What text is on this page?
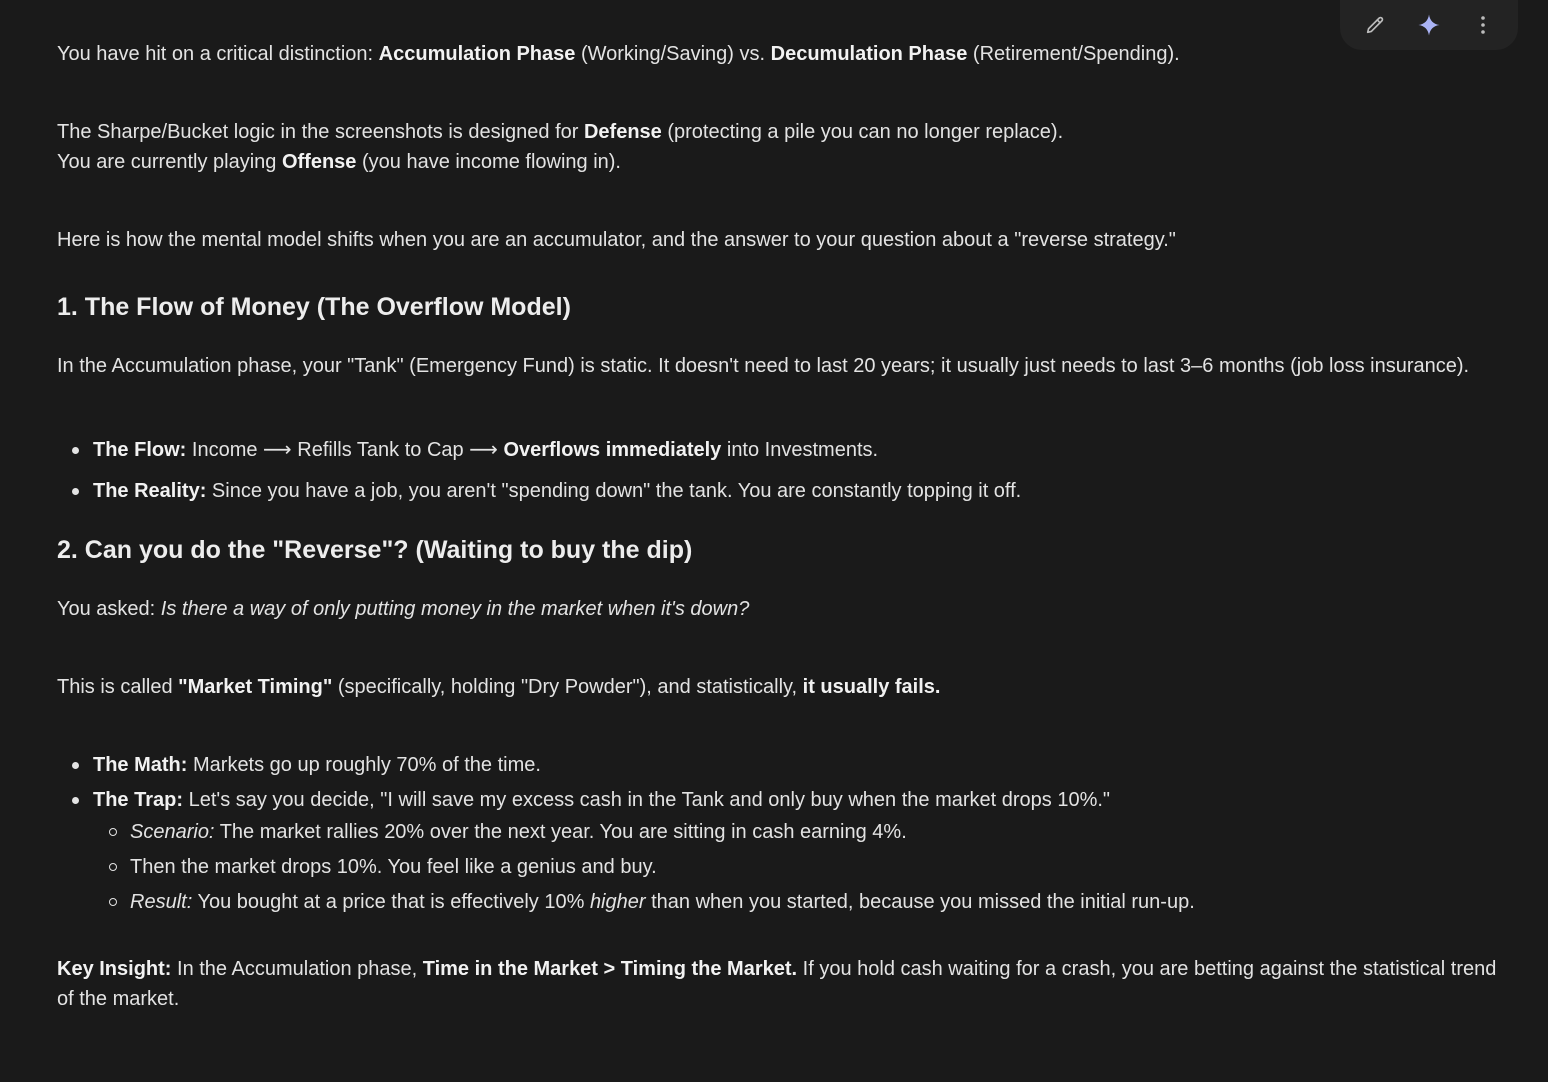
You have hit on a critical distinction: Accumulation Phase (Working/Saving) vs. Decumulation Phase (Retirement/Spending).

The Sharpe/Bucket logic in the screenshots is designed for Defense (protecting a pile you can no longer replace).
You are currently playing Offense (you have income flowing in).

Here is how the mental model shifts when you are an accumulator, and the answer to your question about a "reverse strategy."

1. The Flow of Money (The Overflow Model)

In the Accumulation phase, your "Tank" (Emergency Fund) is static. It doesn't need to last 20 years; it usually just needs to last 3–6 months (job loss insurance).

The Flow: Income ⟶ Refills Tank to Cap ⟶ Overflows immediately into Investments.
The Reality: Since you have a job, you aren't "spending down" the tank. You are constantly topping it off.
2. Can you do the "Reverse"? (Waiting to buy the dip)

You asked: Is there a way of only putting money in the market when it's down?

This is called "Market Timing" (specifically, holding "Dry Powder"), and statistically, it usually fails.

The Math: Markets go up roughly 70% of the time.
The Trap: Let's say you decide, "I will save my excess cash in the Tank and only buy when the market drops 10%."
Scenario: The market rallies 20% over the next year. You are sitting in cash earning 4%.
Then the market drops 10%. You feel like a genius and buy.
Result: You bought at a price that is effectively 10% higher than when you started, because you missed the initial run-up.

Key Insight: In the Accumulation phase, Time in the Market > Timing the Market. If you hold cash waiting for a crash, you are betting against the statistical trend of the market.
